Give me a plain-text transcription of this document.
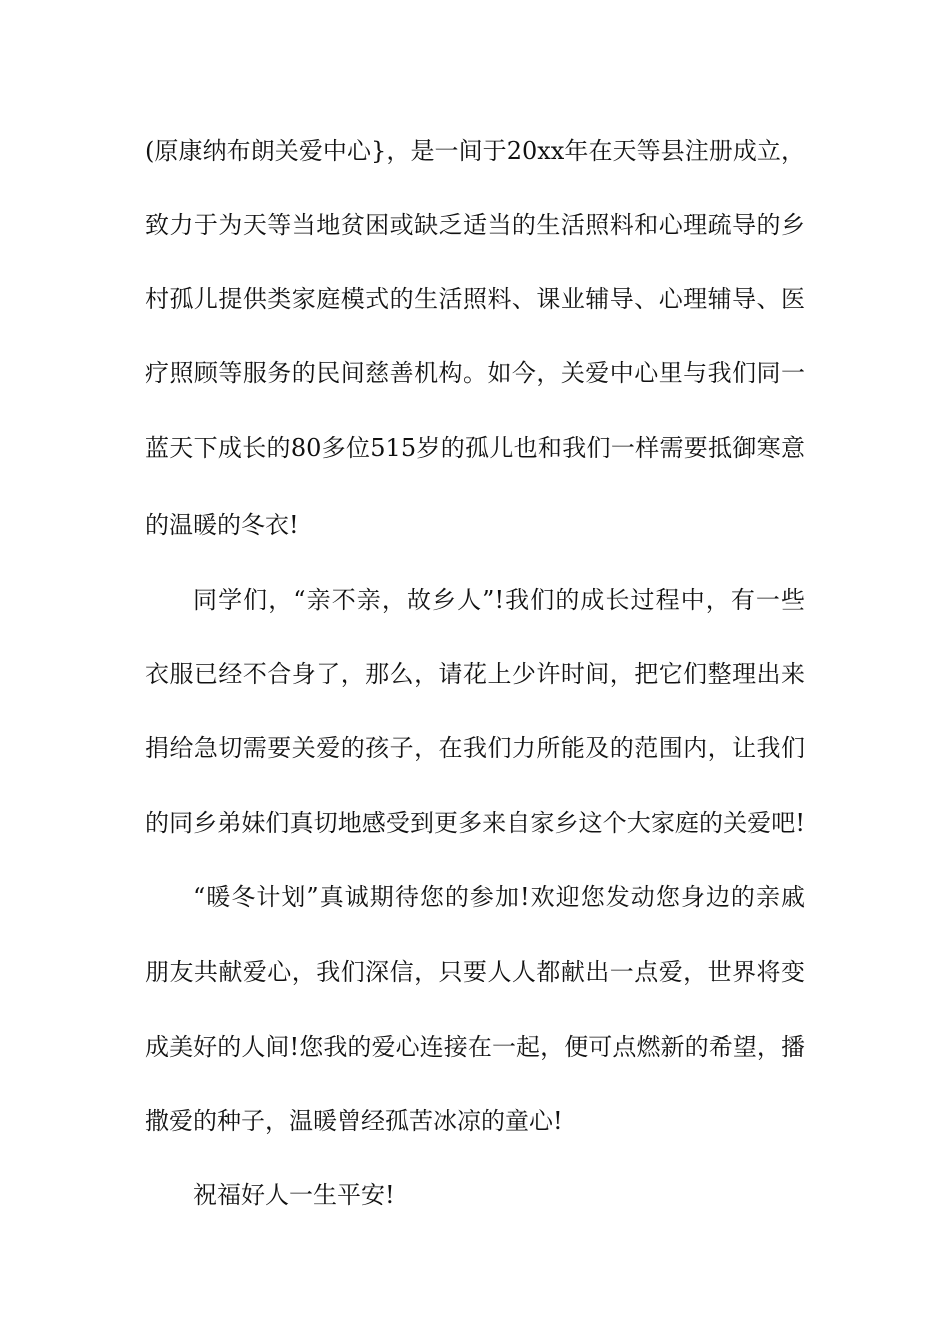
(原康纳布朗关爱中心}，是一间于20xx年在天等县注册成立，
致力于为天等当地贫困或缺乏适当的生活照料和心理疏导的乡
村孤儿提供类家庭模式的生活照料、课业辅导、心理辅导、医
疗照顾等服务的民间慈善机构。如今，关爱中心里与我们同一
蓝天下成长的80多位515岁的孤儿也和我们一样需要抵御寒意
的温暖的冬衣!
同学们，“亲不亲，故乡人”!我们的成长过程中，有一些
衣服已经不合身了，那么，请花上少许时间，把它们整理出来
捐给急切需要关爱的孩子，在我们力所能及的范围内，让我们
的同乡弟妹们真切地感受到更多来自家乡这个大家庭的关爱吧!
“暖冬计划”真诚期待您的参加!欢迎您发动您身边的亲戚
朋友共献爱心，我们深信，只要人人都献出一点爱，世界将变
成美好的人间!您我的爱心连接在一起，便可点燃新的希望，播
撒爱的种子，温暖曾经孤苦冰凉的童心!
祝福好人一生平安!
